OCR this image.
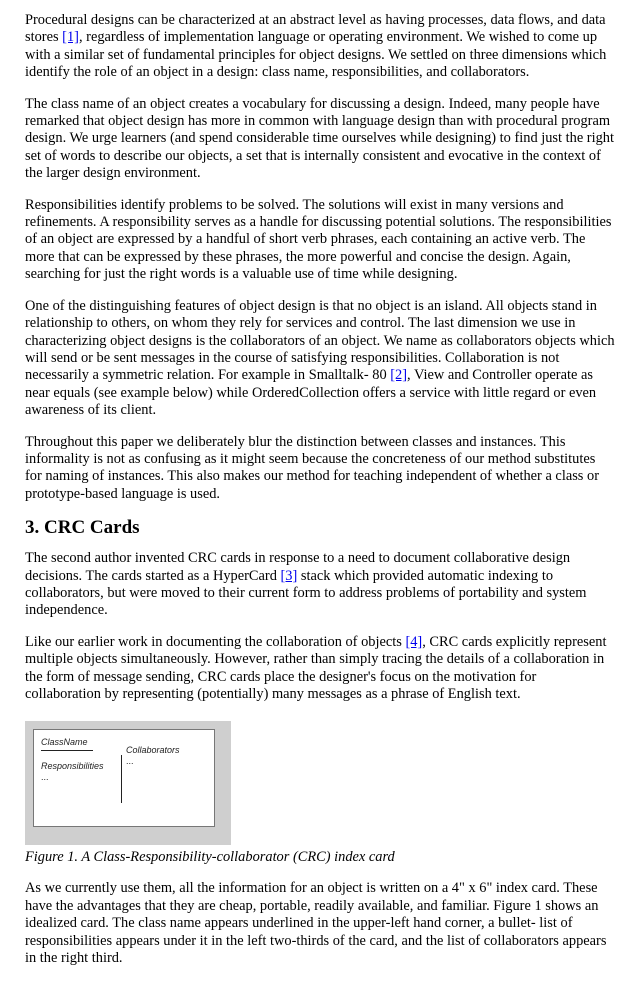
Procedural designs can be characterized at an abstract level as having processes, data flows, and data stores [1], regardless of implementation language or operating environment. We wished to come up with a similar set of fundamental principles for object designs. We settled on three dimensions which identify the role of an object in a design: class name, responsibilities, and collaborators.

The class name of an object creates a vocabulary for discussing a design. Indeed, many people have remarked that object design has more in common with language design than with procedural program design. We urge learners (and spend considerable time ourselves while designing) to find just the right set of words to describe our objects, a set that is internally consistent and evocative in the context of the larger design environment.

Responsibilities identify problems to be solved. The solutions will exist in many versions and refinements. A responsibility serves as a handle for discussing potential solutions. The responsibilities of an object are expressed by a handful of short verb phrases, each containing an active verb. The more that can be expressed by these phrases, the more powerful and concise the design. Again, searching for just the right words is a valuable use of time while designing.

One of the distinguishing features of object design is that no object is an island. All objects stand in relationship to others, on whom they rely for services and control. The last dimension we use in characterizing object designs is the collaborators of an object. We name as collaborators objects which will send or be sent messages in the course of satisfying responsibilities. Collaboration is not necessarily a symmetric relation. For example in Smalltalk- 80 [2], View and Controller operate as near equals (see example below) while OrderedCollection offers a service with little regard or even awareness of its client.

Throughout this paper we deliberately blur the distinction between classes and instances. This informality is not as confusing as it might seem because the concreteness of our method substitutes for naming of instances. This also makes our method for teaching independent of whether a class or prototype-based language is used.

3. CRC Cards

The second author invented CRC cards in response to a need to document collaborative design decisions. The cards started as a HyperCard [3] stack which provided automatic indexing to collaborators, but were moved to their current form to address problems of portability and system independence.

Like our earlier work in documenting the collaboration of objects [4], CRC cards explicitly represent multiple objects simultaneously. However, rather than simply tracing the details of a collaboration in the form of message sending, CRC cards place the designer's focus on the motivation for collaboration by representing (potentially) many messages as a phrase of English text.

ClassName
Responsibilities
...
Collaborators
...

Figure 1. A Class-Responsibility-collaborator (CRC) index card

As we currently use them, all the information for an object is written on a 4" x 6" index card. These have the advantages that they are cheap, portable, readily available, and familiar. Figure 1 shows an idealized card. The class name appears underlined in the upper-left hand corner, a bullet- list of responsibilities appears under it in the left two-thirds of the card, and the list of collaborators appears in the right third.
